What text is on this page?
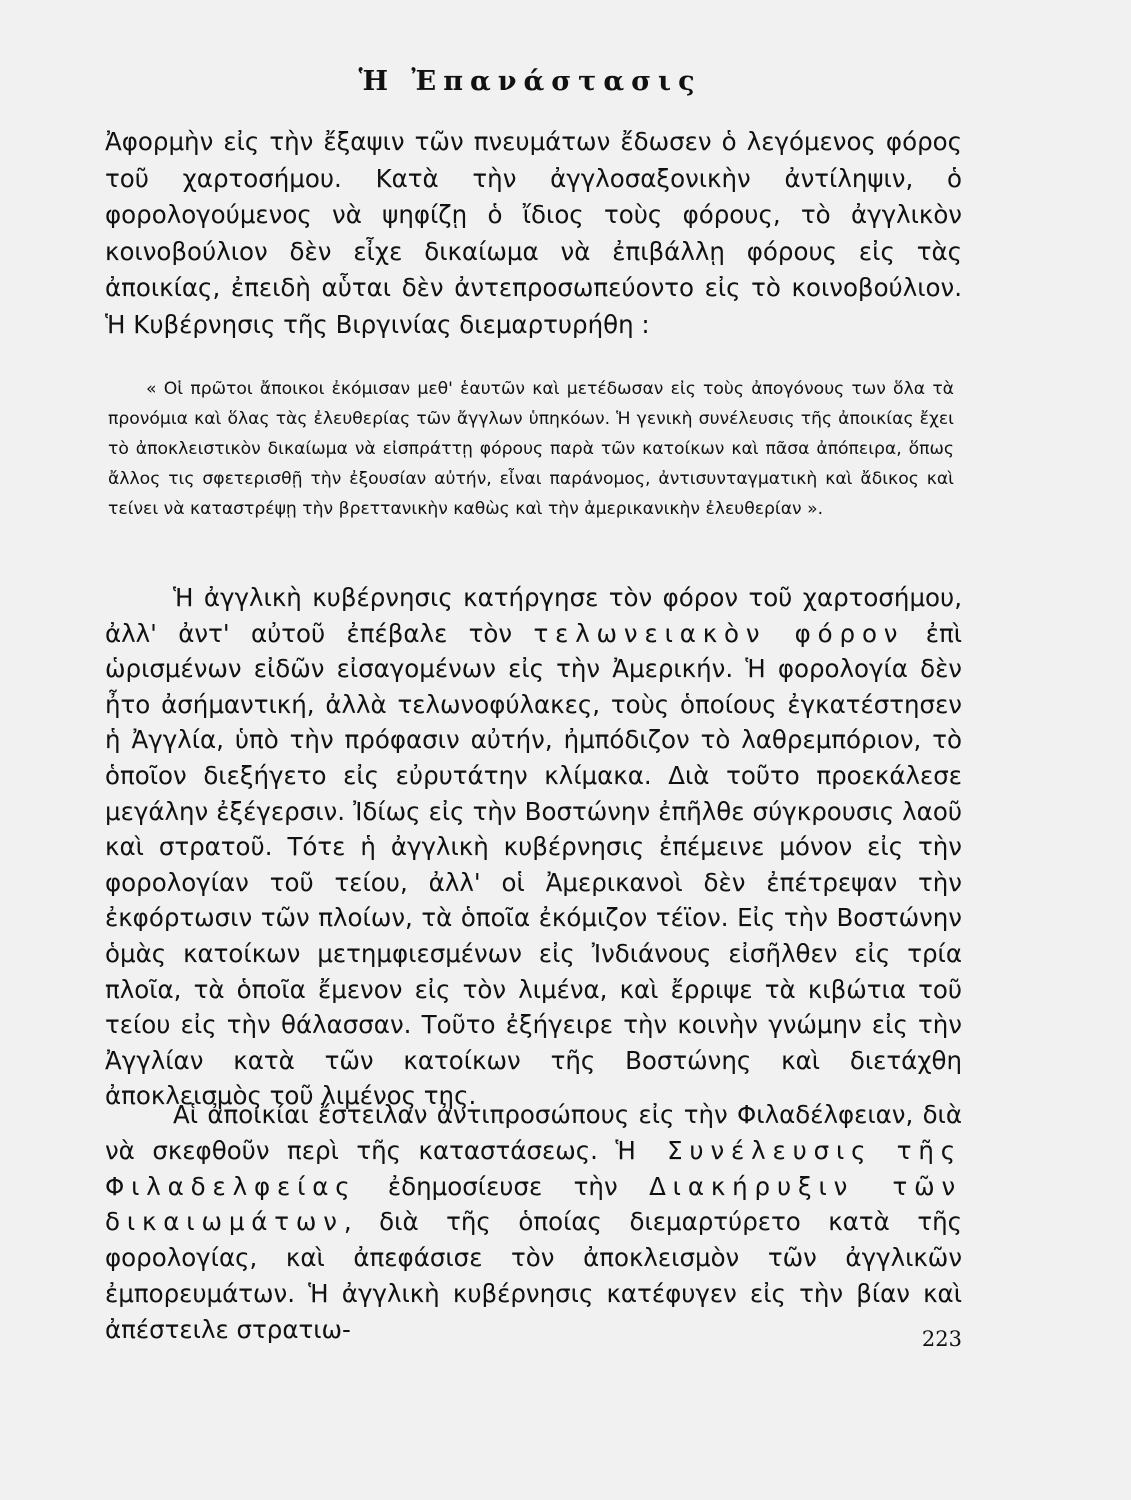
Ἡ Ἐπανάστασις

Ἀφορμὴν εἰς τὴν ἔξαψιν τῶν πνευμάτων ἔδωσεν ὁ λεγόμενος φόρος τοῦ χαρτοσήμου. Κατὰ τὴν ἀγγλοσαξονικὴν ἀντίληψιν, ὁ φορολογούμενος νὰ ψηφίζῃ ὁ ἴδιος τοὺς φόρους, τὸ ἀγγλικὸν κοινοβούλιον δὲν εἶχε δικαίωμα νὰ ἐπιβάλλῃ φόρους εἰς τὰς ἀποικίας, ἐπειδὴ αὗται δὲν ἀντεπροσωπεύοντο εἰς τὸ κοινοβούλιον. Ἡ Κυβέρνησις τῆς Βιργινίας διεμαρτυρήθη :

« Οἱ πρῶτοι ἄποικοι ἐκόμισαν μεθ' ἑαυτῶν καὶ μετέδωσαν εἰς τοὺς ἀπογόνους των ὅλα τὰ προνόμια καὶ ὅλας τὰς ἐλευθερίας τῶν ἄγγλων ὑπηκόων. Ἡ γενικὴ συνέλευσις τῆς ἀποικίας ἔχει τὸ ἀποκλειστικὸν δικαίωμα νὰ εἰσπράττῃ φόρους παρὰ τῶν κατοίκων καὶ πᾶσα ἀπόπειρα, ὅπως ἄλλος τις σφετερισθῇ τὴν ἐξουσίαν αὐτήν, εἶναι παράνομος, ἀντισυνταγματικὴ καὶ ἄδικος καὶ τείνει νὰ καταστρέψῃ τὴν βρεττανικὴν καθὼς καὶ τὴν ἀμερικανικὴν ἐλευθερίαν ».

Ἡ ἀγγλικὴ κυβέρνησις κατήργησε τὸν φόρον τοῦ χαρτοσήμου, ἀλλ' ἀντ' αὐτοῦ ἐπέβαλε τὸν τελωνειακὸν φόρον ἐπὶ ὡρισμένων εἰδῶν εἰσαγομένων εἰς τὴν Ἀμερικήν. Ἡ φορολογία δὲν ἦτο ἀσήμαντική, ἀλλὰ τελωνοφύλακες, τοὺς ὁποίους ἐγκατέστησεν ἡ Ἀγγλία, ὑπὸ τὴν πρόφασιν αὐτήν, ἠμπόδιζον τὸ λαθρεμπόριον, τὸ ὁποῖον διεξήγετο εἰς εὐρυτάτην κλίμακα. Διὰ τοῦτο προεκάλεσε μεγάλην ἐξέγερσιν. Ἰδίως εἰς τὴν Βοστώνην ἐπῆλθε σύγκρουσις λαοῦ καὶ στρατοῦ. Τότε ἡ ἀγγλικὴ κυβέρνησις ἐπέμεινε μόνον εἰς τὴν φορολογίαν τοῦ τείου, ἀλλ' οἱ Ἀμερικανοὶ δὲν ἐπέτρεψαν τὴν ἐκφόρτωσιν τῶν πλοίων, τὰ ὁποῖα ἐκόμιζον τέϊον. Εἰς τὴν Βοστώνην ὁμὰς κατοίκων μετημφιεσμένων εἰς Ἰνδιάνους εἰσῆλθεν εἰς τρία πλοῖα, τὰ ὁποῖα ἔμενον εἰς τὸν λιμένα, καὶ ἔρριψε τὰ κιβώτια τοῦ τείου εἰς τὴν θάλασσαν. Τοῦτο ἐξήγειρε τὴν κοινὴν γνώμην εἰς τὴν Ἀγγλίαν κατὰ τῶν κατοίκων τῆς Βοστώνης καὶ διετάχθη ἀποκλεισμὸς τοῦ λιμένος της.

Αἱ ἀποικίαι ἔστειλαν ἀντιπροσώπους εἰς τὴν Φιλαδέλφειαν, διὰ νὰ σκεφθοῦν περὶ τῆς καταστάσεως. Ἡ Συνέλευσις τῆς Φιλαδελφείας ἐδημοσίευσε τὴν Διακήρυξιν τῶν δικαιωμάτων, διὰ τῆς ὁποίας διεμαρτύρετο κατὰ τῆς φορολογίας, καὶ ἀπεφάσισε τὸν ἀποκλεισμὸν τῶν ἀγγλικῶν ἐμπορευμάτων. Ἡ ἀγγλικὴ κυβέρνησις κατέφυγεν εἰς τὴν βίαν καὶ ἀπέστειλε στρατιω-	223
